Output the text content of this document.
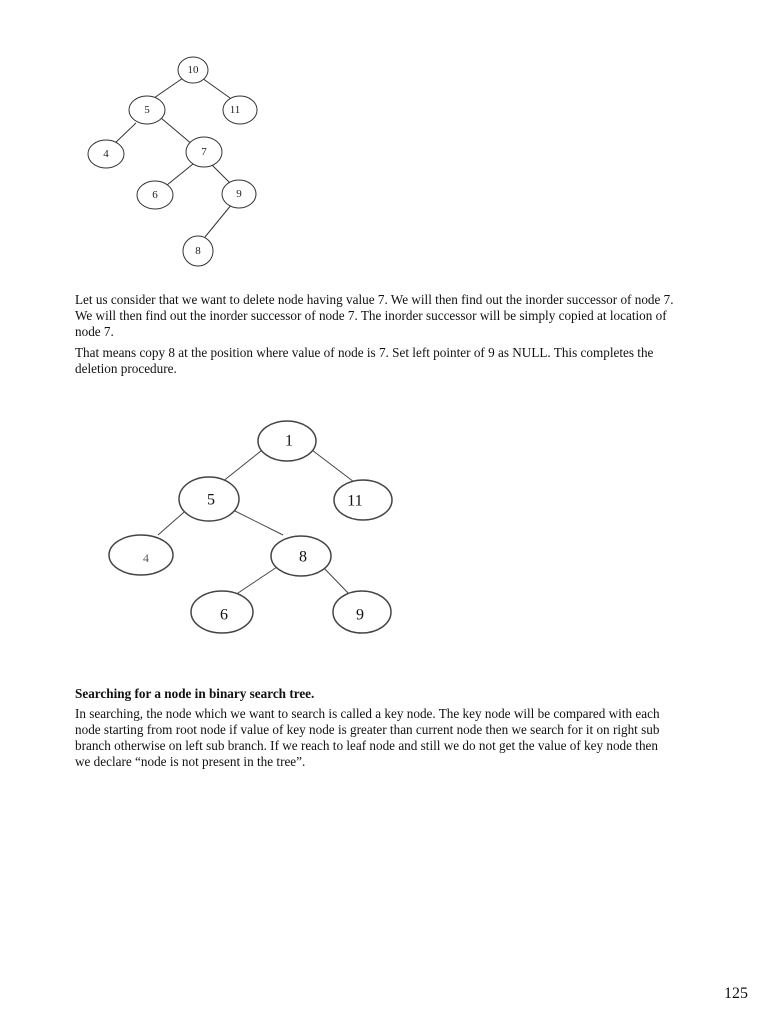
10
5	11
4	7
6	9
8

Let us consider that we want to delete node having value 7. We will then find out the inorder successor of node 7. We will then find out the inorder successor of node 7. The inorder successor will be simply copied at location of node 7.

That means copy 8 at the position where value of node is 7. Set left pointer of 9 as NULL. This completes the deletion procedure.

1
5	11
4	8
6	9

Searching for a node in binary search tree.

In searching, the node which we want to search is called a key node. The key node will be compared with each node starting from root node if value of key node is greater than current node then we search for it on right sub branch otherwise on left sub branch. If we reach to leaf node and still we do not get the value of key node then we declare “node is not present in the tree”.

125
